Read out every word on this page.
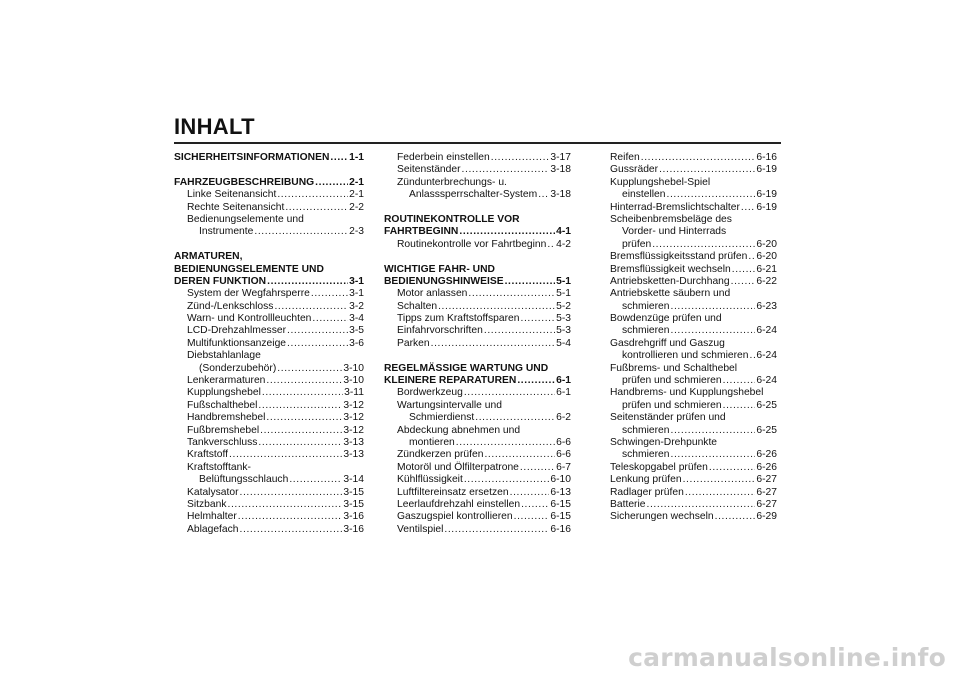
INHALT
SICHERHEITSINFORMATIONEN ..... 1-1
FAHRZEUGBESCHREIBUNG .....	2-1
Linke Seitenansicht .....	2-1
Rechte Seitenansicht .....	2-2
Bedienungselemente und
Instrumente .....	2-3
ARMATUREN,
BEDIENUNGSELEMENTE UND
DEREN FUNKTION .....	3-1
System der Wegfahrsperre .....	3-1
Zünd-/Lenkschloss .....	3-2
Warn- und Kontrollleuchten .....	3-4
LCD-Drehzahlmesser .....	3-5
Multifunktionsanzeige .....	3-6
Diebstahlanlage
(Sonderzubehör) .....	3-10
Lenkerarmaturen .....	3-10
Kupplungshebel .....	3-11
Fußschalthebel .....	3-12
Handbremshebel .....	3-12
Fußbremshebel .....	3-12
Tankverschluss .....	3-13
Kraftstoff .....	3-13
Kraftstofftank-
Belüftungsschlauch .....	3-14
Katalysator .....	3-15
Sitzbank .....	3-15
Helmhalter .....	3-16
Ablagefach .....	3-16
Federbein einstellen .....	3-17
Seitenständer .....	3-18
Zündunterbrechungs- u.
Anlasssperrschalter-System ..... 3-18
ROUTINEKONTROLLE VOR
FAHRTBEGINN .....	4-1
Routinekontrolle vor Fahrtbeginn ..... 4-2
WICHTIGE FAHR- UND
BEDIENUNGSHINWEISE .....	5-1
Motor anlassen .....	5-1
Schalten .....	5-2
Tipps zum Kraftstoffsparen .....	5-3
Einfahrvorschriften .....	5-3
Parken .....	5-4
REGELMÄSSIGE WARTUNG UND
KLEINERE REPARATUREN .....	6-1
Bordwerkzeug .....	6-1
Wartungsintervalle und
Schmierdienst .....	6-2
Abdeckung abnehmen und
montieren .....	6-6
Zündkerzen prüfen .....	6-6
Motoröl und Ölfilterpatrone .....	6-7
Kühlflüssigkeit .....	6-10
Luftfiltereinsatz ersetzen .....	6-13
Leerlaufdrehzahl einstellen .....	6-15
Gaszugspiel kontrollieren .....	6-15
Ventilspiel .....	6-16
Reifen .....	6-16
Gussräder .....	6-19
Kupplungshebel-Spiel
einstellen .....	6-19
Hinterrad-Bremslichtschalter ..... 6-19
Scheibenbremsbeläge des
Vorder- und Hinterrads
prüfen .....	6-20
Bremsflüssigkeitsstand prüfen ..... 6-20
Bremsflüssigkeit wechseln ..... 6-21
Antriebsketten-Durchhang .....	6-22
Antriebskette säubern und
schmieren .....	6-23
Bowdenzüge prüfen und
schmieren .....	6-24
Gasdrehgriff und Gaszug
kontrollieren und schmieren ..... 6-24
Fußbrems- und Schalthebel
prüfen und schmieren .....	6-24
Handbrems- und Kupplungshebel
prüfen und schmieren .....	6-25
Seitenständer prüfen und
schmieren .....	6-25
Schwingen-Drehpunkte
schmieren .....	6-26
Teleskopgabel prüfen .....	6-26
Lenkung prüfen .....	6-27
Radlager prüfen .....	6-27
Batterie .....	6-27
Sicherungen wechseln .....	6-29
carmanualsonline.info
